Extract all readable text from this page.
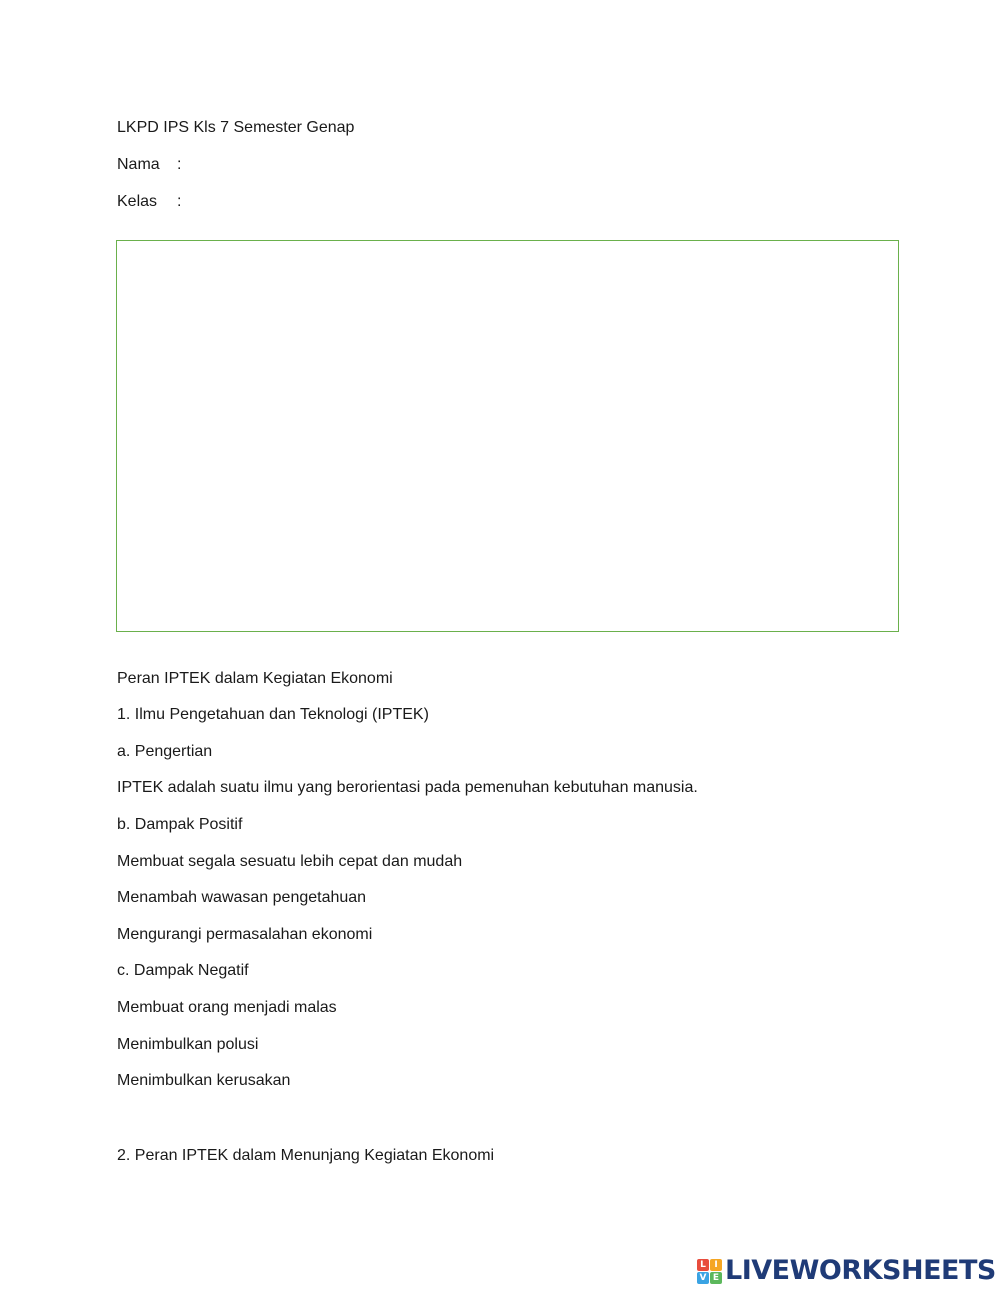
LKPD IPS Kls 7 Semester Genap
Nama :
Kelas :
Peran IPTEK dalam Kegiatan Ekonomi
1. Ilmu Pengetahuan dan Teknologi (IPTEK)
a. Pengertian
IPTEK adalah suatu ilmu yang berorientasi pada pemenuhan kebutuhan manusia.
b. Dampak Positif
Membuat segala sesuatu lebih cepat dan mudah
Menambah wawasan pengetahuan
Mengurangi permasalahan ekonomi
c. Dampak Negatif
Membuat orang menjadi malas
Menimbulkan polusi
Menimbulkan kerusakan
2. Peran IPTEK dalam Menunjang Kegiatan Ekonomi
L I
V E LIVEWORKSHEETS
